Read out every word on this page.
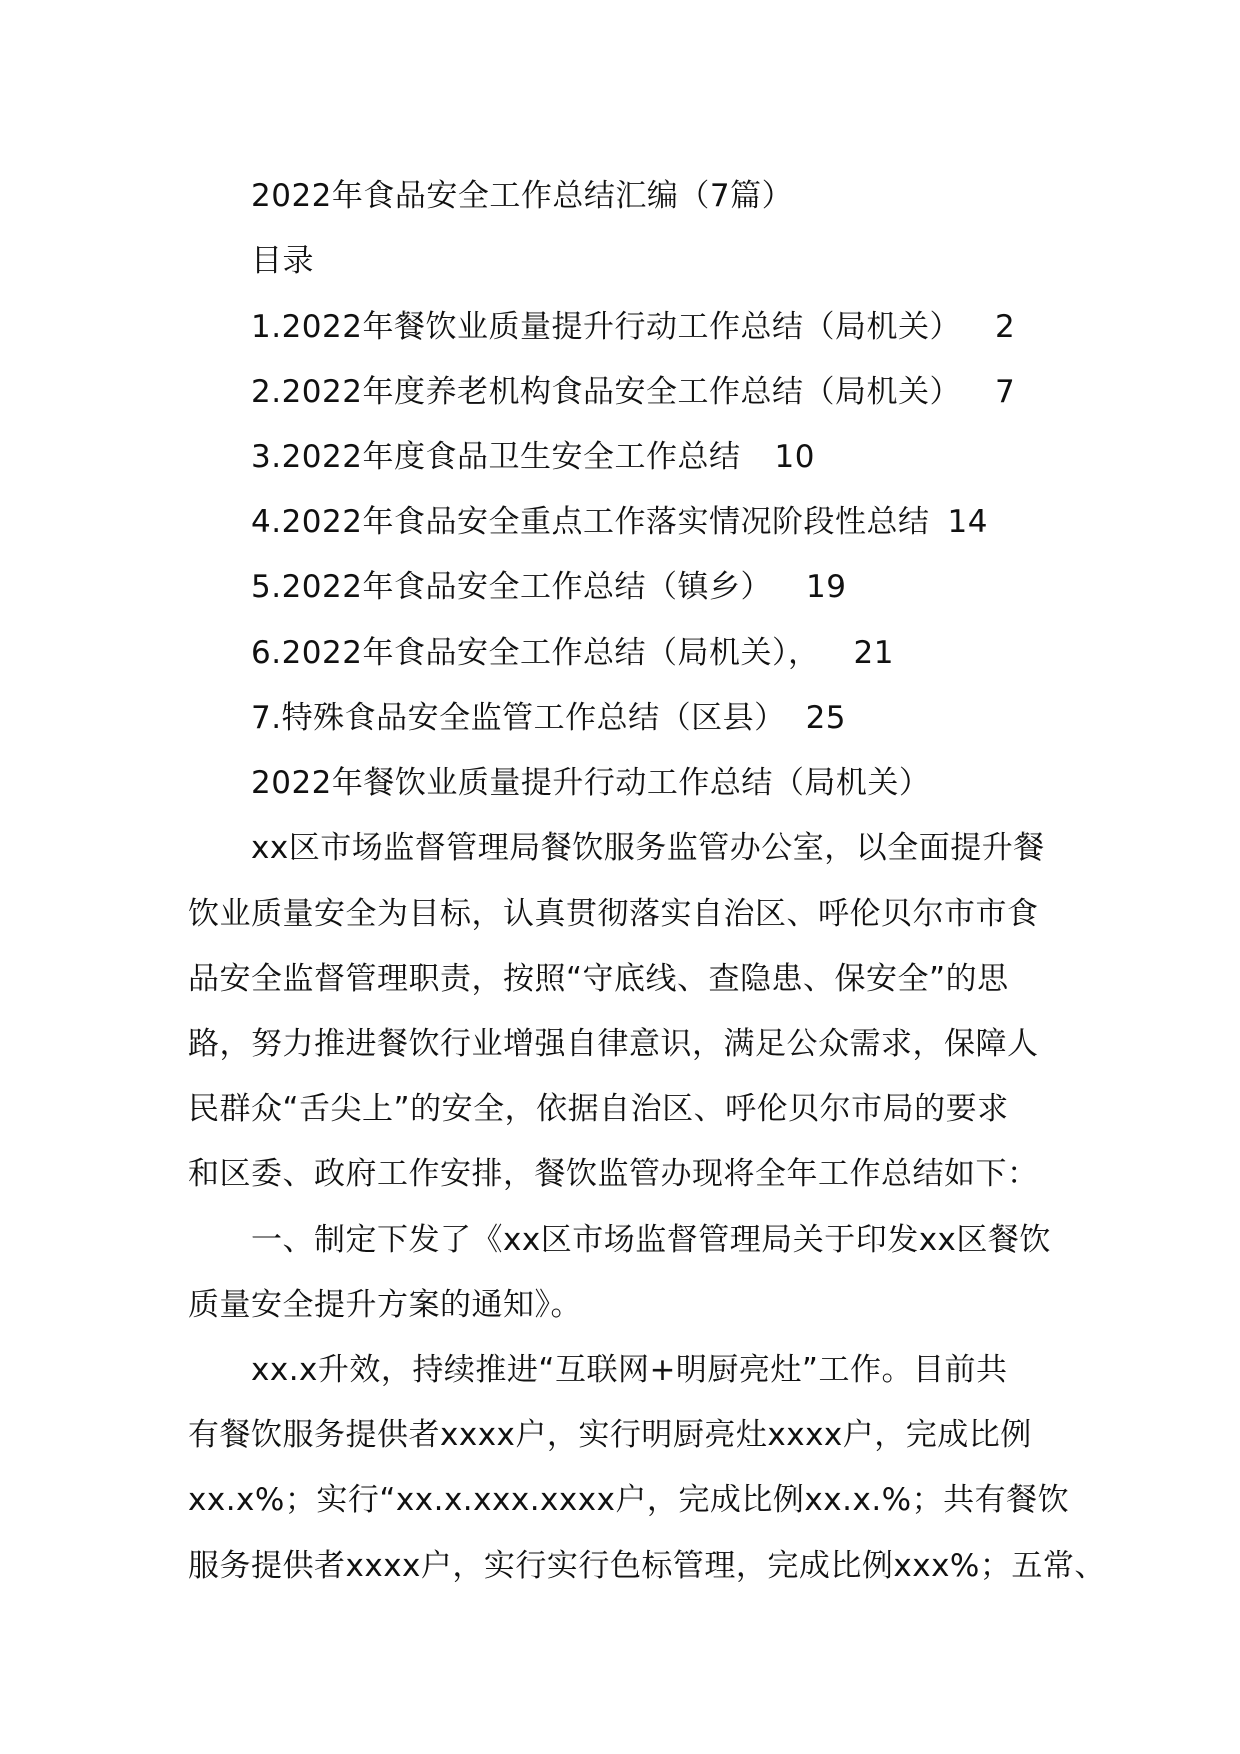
2022年食品安全工作总结汇编（7篇）
目录
1.2022年餐饮业质量提升行动工作总结（局机关） 2
2.2022年度养老机构食品安全工作总结（局机关） 7
3.2022年度食品卫生安全工作总结 10
4.2022年食品安全重点工作落实情况阶段性总结 14
5.2022年食品安全工作总结（镇乡） 19
6.2022年食品安全工作总结（局机关）， 21
7.特殊食品安全监管工作总结（区县） 25
2022年餐饮业质量提升行动工作总结（局机关）
xx区市场监督管理局餐饮服务监管办公室，以全面提升餐
饮业质量安全为目标，认真贯彻落实自治区、呼伦贝尔市市食
品安全监督管理职责，按照“守底线、查隐患、保安全”的思
路，努力推进餐饮行业增强自律意识，满足公众需求，保障人
民群众“舌尖上”的安全，依据自治区、呼伦贝尔市局的要求
和区委、政府工作安排，餐饮监管办现将全年工作总结如下：
一、制定下发了《xx区市场监督管理局关于印发xx区餐饮
质量安全提升方案的通知》。
xx.x升效，持续推进“互联网+明厨亮灶”工作。目前共
有餐饮服务提供者xxxx户，实行明厨亮灶xxxx户，完成比例
xx.x%；实行“xx.x.xxx.xxxx户，完成比例xx.x.%；共有餐饮
服务提供者xxxx户，实行实行色标管理，完成比例xxx%；五常、
